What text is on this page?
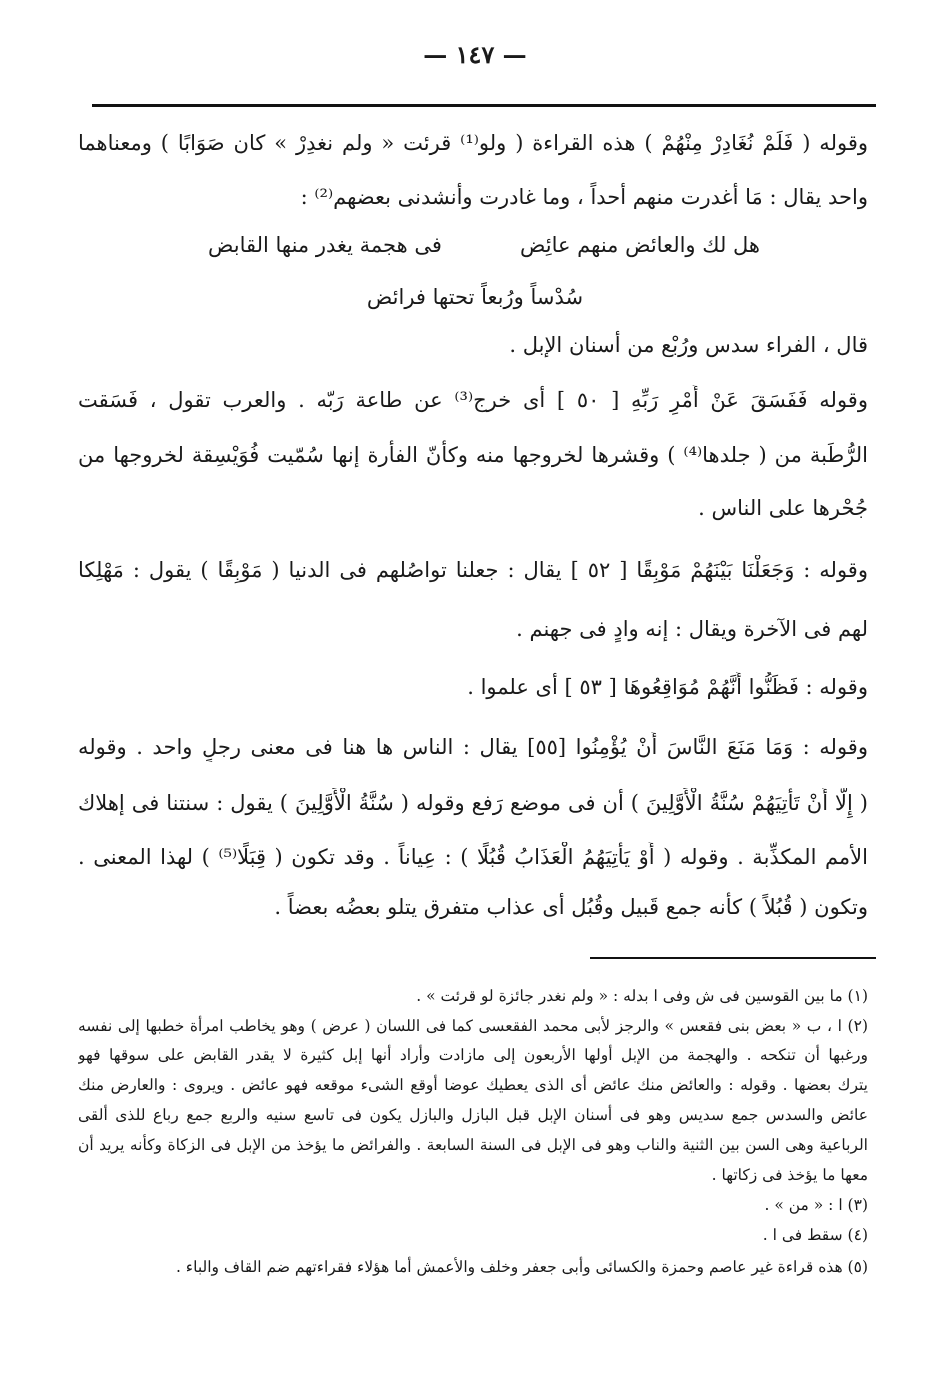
— ١٤٧ —
وقوله ( فَلَمْ نُغَادِرْ مِنْهُمْ ) هذه القراءة ( ولو⁽¹⁾ قرئت « ولم نغدِرْ » كان صَوَابًا ) ومعناهما
واحد يقال : مَا أغدرت منهم أحداً ، وما غادرت وأنشدنى بعضهم⁽²⁾ :
هل لك والعائض منهم عائِض
فى هجمة يغدر منها القابض
سُدْساً ورُبعاً تحتها فرائض
قال ، الفراء سدس ورُبْع من أسنان الإبل .
وقوله فَفَسَقَ عَنْ أَمْرِ رَبِّهِ [ ٥٠ ] أى خرج⁽³⁾ عن طاعة رَبّه . والعرب تقول ، فَسَقت
الرُّطَبة من ( جلدها⁽⁴⁾ ) وقشرها لخروجها منه وكأنّ الفأرة إنها سُمّيت فُوَيْسِقة لخروجها من
جُحْرها على الناس .
وقوله : وَجَعَلْنَا بَيْنَهُمْ مَوْبِقًا [ ٥٢ ] يقال : جعلنا تواصُلهم فى الدنيا ( مَوْبِقًا ) يقول : مَهْلِكا
لهم فى الآخرة ويقال : إنه وادٍ فى جهنم .
وقوله : فَظَنُّوا أَنَّهُمْ مُوَاقِعُوهَا [ ٥٣ ] أى علموا .
وقوله : وَمَا مَنَعَ النَّاسَ أَنْ يُؤْمِنُوا [٥٥] يقال : الناس ها هنا فى معنى رجلٍ واحد . وقوله
( إِلَّا أَنْ تَأْتِيَهُمْ سُنَّةُ الْأَوَّلِينَ ) أن فى موضع رَفع وقوله ( سُنَّةُ الْأَوَّلِينَ ) يقول : سنتنا فى إهلاك
الأمم المكذِّبة . وقوله ( أَوْ يَأْتِيَهُمُ الْعَذَابُ قُبُلًا ) : عِياناً . وقد تكون ( قِبَلًا⁽⁵⁾ ) لهذا المعنى .
وتكون ( قُبُلاً ) كأنه جمع قَبيل وقُبُل أى عذاب متفرق يتلو بعضُه بعضاً .
(١) ما بين القوسين فى ش وفى ا بدله : « ولم نغدر جائزة لو قرئت » .
(٢) ا ، ب « بعض بنى فقعس » والرجز لأبى محمد الفقعسى كما فى اللسان ( عرض ) وهو يخاطب امرأة خطبها إلى نفسه
ورغبها أن تنكحه . والهجمة من الإبل أولها الأربعون إلى مازادت وأراد أنها إبل كثيرة لا يقدر القابض على سوقها فهو
يترك بعضها . وقوله : والعائض منك عائض أى الذى يعطيك عوضا أوقع الشىء موقعه فهو عائض . ويروى : والعارض منك
عائض والسدس جمع سديس وهو فى أسنان الإبل قبل البازل والبازل يكون فى تاسع سنيه والربع جمع رباع للذى ألقى
الرباعية وهى السن بين الثنية والناب وهو فى الإبل فى السنة السابعة . والفرائض ما يؤخذ من الإبل فى الزكاة وكأنه يريد أن
معها ما يؤخذ فى زكاتها .
(٣) ا : « من » .
(٤) سقط فى ا .
(٥) هذه قراءة غير عاصم وحمزة والكسائى وأبى جعفر وخلف والأعمش أما هؤلاء فقراءتهم ضم القاف والباء .
